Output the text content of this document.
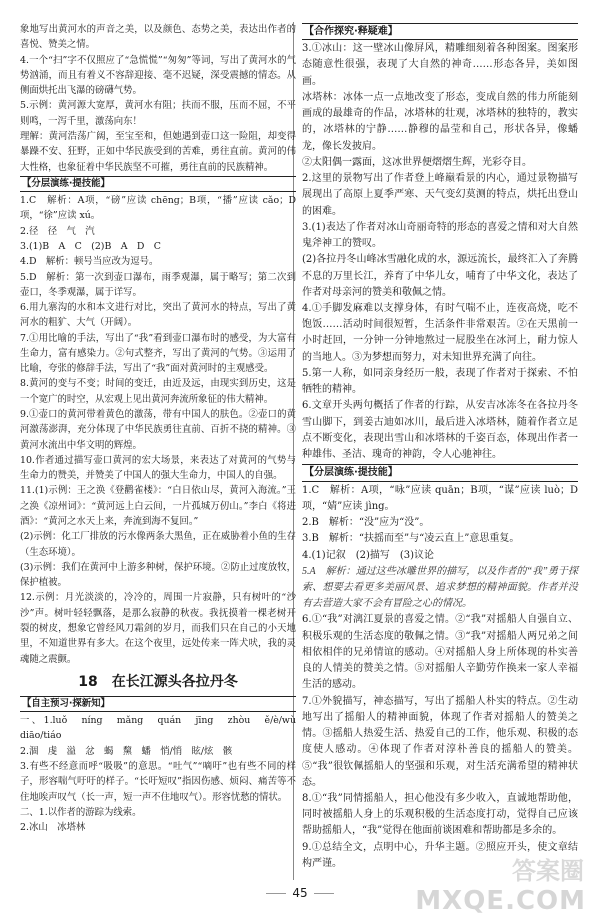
象地写出黄河水的声音之美，以及颜色、态势之美，表达出作者的喜悦、赞美之情。

4.一个“扫”字不仅照应了“急慌慌”“匆匆”等词，写出了黄河水的气势汹涌，而且有着义不容辞迎接、毫不迟疑，深受震撼的情态。从侧面烘托出飞瀑的磅礴气势。

5.示例：黄河源大宽厚，黄河水有阻；扶而不服，压而不屈，不平则鸣，一泻千里，激荡向东！

理解：黄河浩荡广阔，至宝至和，但她遇到壶口这一险阻，却变得暴躁不安、狂野，正如中华民族受到的苦难，勇往直前。黄河的伟大性格，也象征着中华民族坚不可摧，勇往直前的民族精神。

【分层演练·提技能】

1.C　解析：A项，“磅”应读 chēng；B项，“播”应读 cǎo；D项，“徐”应读 xú。

2.径　径　气　汽

3.(1)B　A　C　(2)B　A　D　C

4.D　解析：顿号当应改为逗号。

5.D　解析：第一次到壶口瀑布，雨季观瀑，属于略写；第二次到壶口，冬季观瀑，属于详写。

6.用九寨沟的水和本文进行对比，突出了黄河水的特点，写出了黄河水的粗犷、大气（开阔）。

7.①用比喻的手法，写出了“我”看到壶口瀑布时的感受，为大富有生命力，富有感染力。②句式整齐，写出了黄河的气势。③运用了比喻，夸张的修辞手法，写出了“我”面对黄河时的主观感受。

8.黄河的变与不变；时间的变迁，由近及远，由现实到历史，这是一个宽广的时空，从宏观上见出黄河奔流所象征的伟大精神。

9.①壶口的黄河带着黄色的激荡，带有中国人的肤色。②壶口的黄河激荡澎湃，充分体现了中华民族勇往直前、百折不挠的精神。③黄河水流出中华文明的辉煌。

10.作者通过描写壶口黄河的宏大场景，来表达了对黄河的气势与生命力的赞美，并赞美了中国人的强大生命力，中国人的自强。

11.(1)示例：王之涣《登鹳雀楼》：“白日依山尽，黄河入海流。”王之涣《凉州词》：“黄河远上白云间，一片孤城万仞山。”李白《将进酒》：“黄河之水天上来，奔流到海不复回。”

(2)示例：化工厂排放的污水像两条大黑鱼，正在威胁着小鱼的生存（生态环境）。

(3)示例：我们在黄河中上游多种树，保护环境。②防止过度放牧，保护植被。

12.示例：月光淡淡的，冷冷的，周围一片寂静，只有树叶的“沙沙”声。树叶轻轻飘落，是那么寂静的秋夜。我抚摸着一棵老树开裂的树皮，想象它曾经风刀霜剑的岁月，而我们只在自己的小天地里，不知道世界有多大。在这个夜里，远处传来一阵犬吠，我的灵魂随之震颤。

18　在长江源头各拉丹冬
【自主预习·探新知】

一、1.luǒ　níng　mǎng　quán　jīng　zhòu　ě/è/wù　diāo/tiáo

2.涸　虔　溢　忿　蝎　黧　蟠　悄/悄　眩/炫　骸

3.有些不经意而呼“吸吸”的意思。“吐气”“嘀吁”也有些不同的样子，形容喘气吁吁的样子。“长吁短叹”指因伤感、烦闷、痛苦等不住地唉声叹气（长一声，短一声不住地叹气）。形容忧愁的情状。

二、1.以作者的游踪为线索。

2.冰山　冰塔林

【合作探究·释疑难】

3.①冰山：这一壁冰山像屏风，精雕细刻着各种图案。图案形态随意性很强，表现了大自然的神奇……形态各异，美如图画。

冰塔林：冰体一点一点地改变了形态，变成自然的伟力所能刻画成的最雄奇的作品，冰塔林的壮观，冰塔林的独特的，教实的，冰塔林的宁静……静穆的晶莹和自己，形状各异，像蟠龙，像长发披肩。

②太阳偶一露面，这冰世界便熠熠生辉，光彩夺目。

2.这里的景物写出了作者登上峰巅看景的内心，通过景物描写展现出了高原上夏季严寒、天气变幻莫测的特点，烘托出登山的困难。

3.(1)表达了作者对冰山奇丽奇特的形态的喜爱之情和对大自然鬼斧神工的赞叹。

(2)各拉丹冬山峰冰雪融化成的水，源远流长，最终汇入了奔腾不息的万里长江，养育了中华儿女，哺育了中华文化，表达了作者对母亲河的赞美和敬佩之情。

4.①手脚发麻难以支撑身体，有时气喘不止，连夜高烧，吃不饱饭……活动时间很短暂，生活条件非常艰苦。②在天黑前一小时赶回，一分钟一分钟地熬过一屁股坐在冰河上，耐力惊人的当地人。③为梦想而努力，对未知世界充满了向往。

5.第一人称，如同亲身经历一般，表现了作者对于探索、不怕牺牲的精神。

6.文章开头两句概括了作者的行踪，从安吉冰冻冬在各拉丹冬雪山脚下，到姜古迪如冰川，最后进入冰塔林，随着作者立足点不断变化，表现出雪山和冰塔林的千姿百态，体现出作者一种雄伟、圣洁、瑰奇的神韵，令人心驰神往。

【分层演练·提技能】

1.C　解析：A项，“咏”应读 quān；B项，“谋”应读 luò；D项，“婧”应读 jìng。

2.B　解析：“没”应为“没”。

3.B　解析：“扶摇而至”与“凌云直上”意思重复。

4.(1)记叙　(2)描写　(3)议论

5.A　解析：通过这些冰雕世界的描写，以及作者的“我”勇于探索、想要去看更多美丽风景、追求梦想的精神面貌。作者并没有去营造大家不会有冒险之心的情况。

6.①“我”对漓江夏景的喜爱之情。②“我”对摇船人自强自立、积极乐观的生活态度的敬佩之情。③“我”对摇船人两兄弟之间相依相伴的兄弟情谊的感动。④对摇船人身上所体现的朴实善良的人情美的赞美之情。⑤对摇船人辛勤劳作换来一家人幸福生活的感动。

7.①外貌描写，神态描写，写出了摇船人朴实的特点。②生动地写出了摇船人的精神面貌，体现了作者对摇船人的赞美之情。③摇船人热爱生活、热爱自己的工作，他乐观、积极的态度使人感动。④体现了作者对淳朴善良的摇船人的赞美。⑤“我”很钦佩摇船人的坚强和乐观，对生活充满希望的精神状态。

8.①“我”同情摇船人，担心他没有多少收入，直诚地帮助他，同时被摇船人身上的乐观积极的生活态度打动，觉得自己应该帮助摇船人，“我”觉得在他面前谈困难和帮助都是多余的。

9.①总结全文，点明中心，升华主题。②照应开头，使文章结构严谨。

45
答案圈
MXQE.COM
